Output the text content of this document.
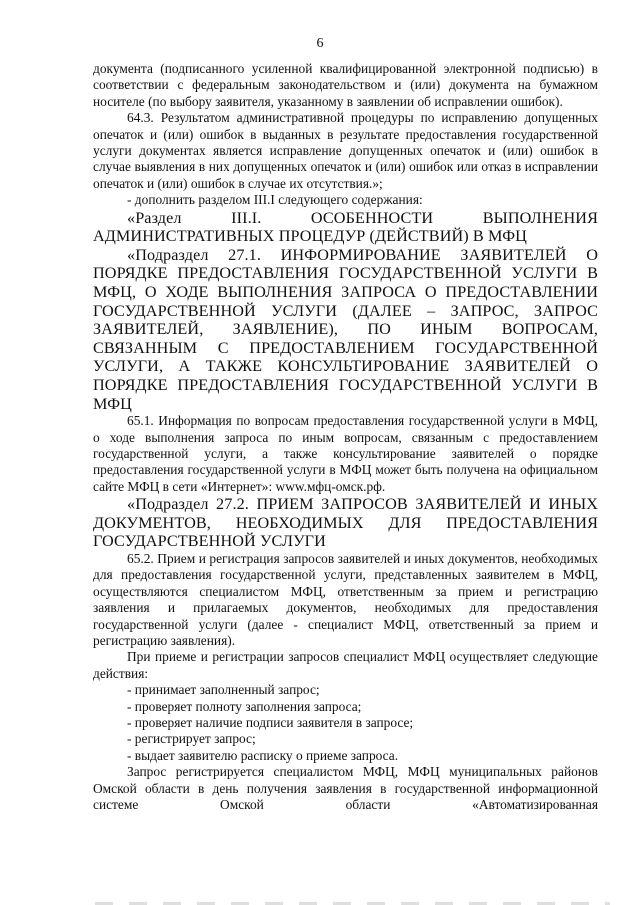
6

документа (подписанного усиленной квалифицированной электронной подписью) в соответствии с федеральным законодательством и (или) документа на бумажном носителе (по выбору заявителя, указанному в заявлении об исправлении ошибок).

64.3. Результатом административной процедуры по исправлению допущенных опечаток и (или) ошибок в выданных в результате предоставления государственной услуги документах является исправление допущенных опечаток и (или) ошибок в случае выявления в них допущенных опечаток и (или) ошибок или отказ в исправлении опечаток и (или) ошибок в случае их отсутствия.»;

- дополнить разделом III.I следующего содержания:

«Раздел III.I. ОСОБЕННОСТИ ВЫПОЛНЕНИЯ АДМИНИСТРАТИВНЫХ ПРОЦЕДУР (ДЕЙСТВИЙ) В МФЦ

«Подраздел 27.1. ИНФОРМИРОВАНИЕ ЗАЯВИТЕЛЕЙ О ПОРЯДКЕ ПРЕДОСТАВЛЕНИЯ ГОСУДАРСТВЕННОЙ УСЛУГИ В МФЦ, О ХОДЕ ВЫПОЛНЕНИЯ ЗАПРОСА О ПРЕДОСТАВЛЕНИИ ГОСУДАРСТВЕННОЙ УСЛУГИ (ДАЛЕЕ – ЗАПРОС, ЗАПРОС ЗАЯВИТЕЛЕЙ, ЗАЯВЛЕНИЕ), ПО ИНЫМ ВОПРОСАМ, СВЯЗАННЫМ С ПРЕДОСТАВЛЕНИЕМ ГОСУДАРСТВЕННОЙ УСЛУГИ, А ТАКЖЕ КОНСУЛЬТИРОВАНИЕ ЗАЯВИТЕЛЕЙ О ПОРЯДКЕ ПРЕДОСТАВЛЕНИЯ ГОСУДАРСТВЕННОЙ УСЛУГИ В МФЦ

65.1. Информация по вопросам предоставления государственной услуги в МФЦ, о ходе выполнения запроса по иным вопросам, связанным с предоставлением государственной услуги, а также консультирование заявителей о порядке предоставления государственной услуги в МФЦ может быть получена на официальном сайте МФЦ в сети «Интернет»: www.мфц-омск.рф.

«Подраздел 27.2. ПРИЕМ ЗАПРОСОВ ЗАЯВИТЕЛЕЙ И ИНЫХ ДОКУМЕНТОВ, НЕОБХОДИМЫХ ДЛЯ ПРЕДОСТАВЛЕНИЯ ГОСУДАРСТВЕННОЙ УСЛУГИ

65.2. Прием и регистрация запросов заявителей и иных документов, необходимых для предоставления государственной услуги, представленных заявителем в МФЦ, осуществляются специалистом МФЦ, ответственным за прием и регистрацию заявления и прилагаемых документов, необходимых для предоставления государственной услуги (далее - специалист МФЦ, ответственный за прием и регистрацию заявления).

При приеме и регистрации запросов специалист МФЦ осуществляет следующие действия:

- принимает заполненный запрос;

- проверяет полноту заполнения запроса;

- проверяет наличие подписи заявителя в запросе;

- регистрирует запрос;

- выдает заявителю расписку о приеме запроса.

Запрос регистрируется специалистом МФЦ, МФЦ муниципальных районов Омской области в день получения заявления в государственной информационной системе Омской области «Автоматизированная
